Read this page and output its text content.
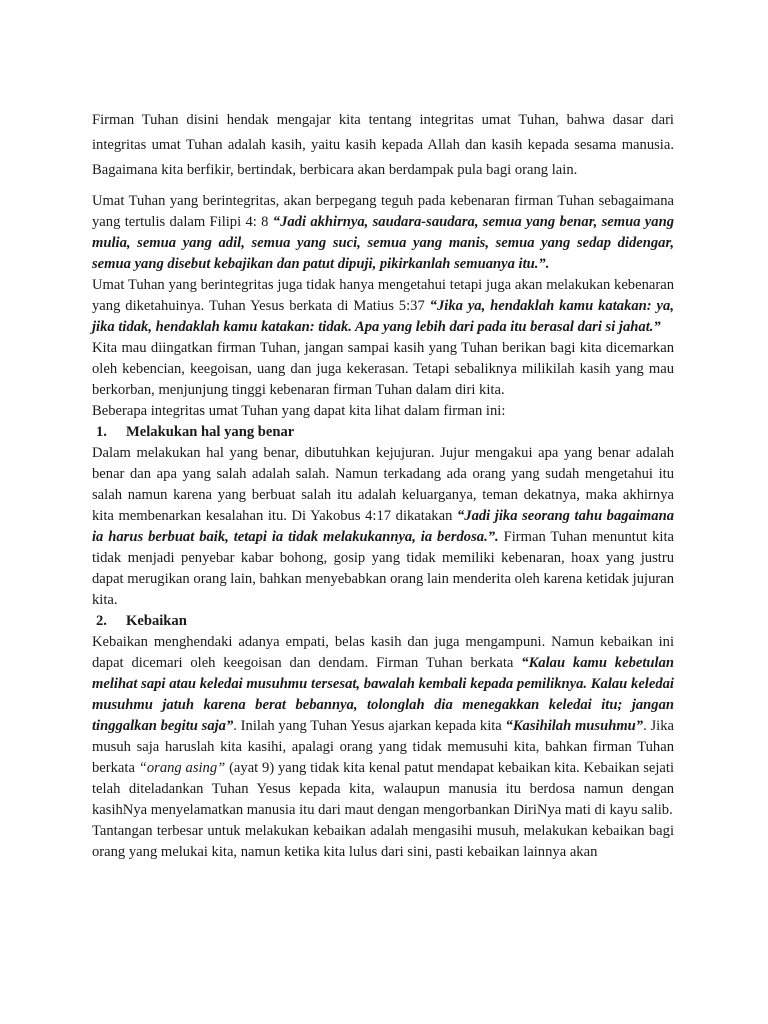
Firman Tuhan disini hendak mengajar kita tentang integritas umat Tuhan, bahwa dasar dari integritas umat Tuhan adalah kasih, yaitu kasih kepada Allah dan kasih kepada sesama manusia. Bagaimana kita berfikir, bertindak, berbicara akan berdampak pula bagi orang lain.

Umat Tuhan yang berintegritas, akan berpegang teguh pada kebenaran firman Tuhan sebagaimana yang tertulis dalam Filipi 4: 8 “Jadi akhirnya, saudara-saudara, semua yang benar, semua yang mulia, semua yang adil, semua yang suci, semua yang manis, semua yang sedap didengar, semua yang disebut kebajikan dan patut dipuji, pikirkanlah semuanya itu.”.

Umat Tuhan yang berintegritas juga tidak hanya mengetahui tetapi juga akan melakukan kebenaran yang diketahuinya. Tuhan Yesus berkata di Matius 5:37 “Jika ya, hendaklah kamu katakan: ya, jika tidak, hendaklah kamu katakan: tidak. Apa yang lebih dari pada itu berasal dari si jahat.”

Kita mau diingatkan firman Tuhan, jangan sampai kasih yang Tuhan berikan bagi kita dicemarkan oleh kebencian, keegoisan, uang dan juga kekerasan. Tetapi sebaliknya milikilah kasih yang mau berkorban, menjunjung tinggi kebenaran firman Tuhan dalam diri kita.

Beberapa integritas umat Tuhan yang dapat kita lihat dalam firman ini:

1. Melakukan hal yang benar

Dalam melakukan hal yang benar, dibutuhkan kejujuran. Jujur mengakui apa yang benar adalah benar dan apa yang salah adalah salah. Namun terkadang ada orang yang sudah mengetahui itu salah namun karena yang berbuat salah itu adalah keluarganya, teman dekatnya, maka akhirnya kita membenarkan kesalahan itu. Di Yakobus 4:17 dikatakan “Jadi jika seorang tahu bagaimana ia harus berbuat baik, tetapi ia tidak melakukannya, ia berdosa.”. Firman Tuhan menuntut kita tidak menjadi penyebar kabar bohong, gosip yang tidak memiliki kebenaran, hoax yang justru dapat merugikan orang lain, bahkan menyebabkan orang lain menderita oleh karena ketidak jujuran kita.

2. Kebaikan

Kebaikan menghendaki adanya empati, belas kasih dan juga mengampuni. Namun kebaikan ini dapat dicemari oleh keegoisan dan dendam. Firman Tuhan berkata “Kalau kamu kebetulan melihat sapi atau keledai musuhmu tersesat, bawalah kembali kepada pemiliknya. Kalau keledai musuhmu jatuh karena berat bebannya, tolonglah dia menegakkan keledai itu; jangan tinggalkan begitu saja”. Inilah yang Tuhan Yesus ajarkan kepada kita “Kasihilah musuhmu”. Jika musuh saja haruslah kita kasihi, apalagi orang yang tidak memusuhi kita, bahkan firman Tuhan berkata “orang asing” (ayat 9) yang tidak kita kenal patut mendapat kebaikan kita. Kebaikan sejati telah diteladankan Tuhan Yesus kepada kita, walaupun manusia itu berdosa namun dengan kasihNya menyelamatkan manusia itu dari maut dengan mengorbankan DiriNya mati di kayu salib.

Tantangan terbesar untuk melakukan kebaikan adalah mengasihi musuh, melakukan kebaikan bagi orang yang melukai kita, namun ketika kita lulus dari sini, pasti kebaikan lainnya akan
